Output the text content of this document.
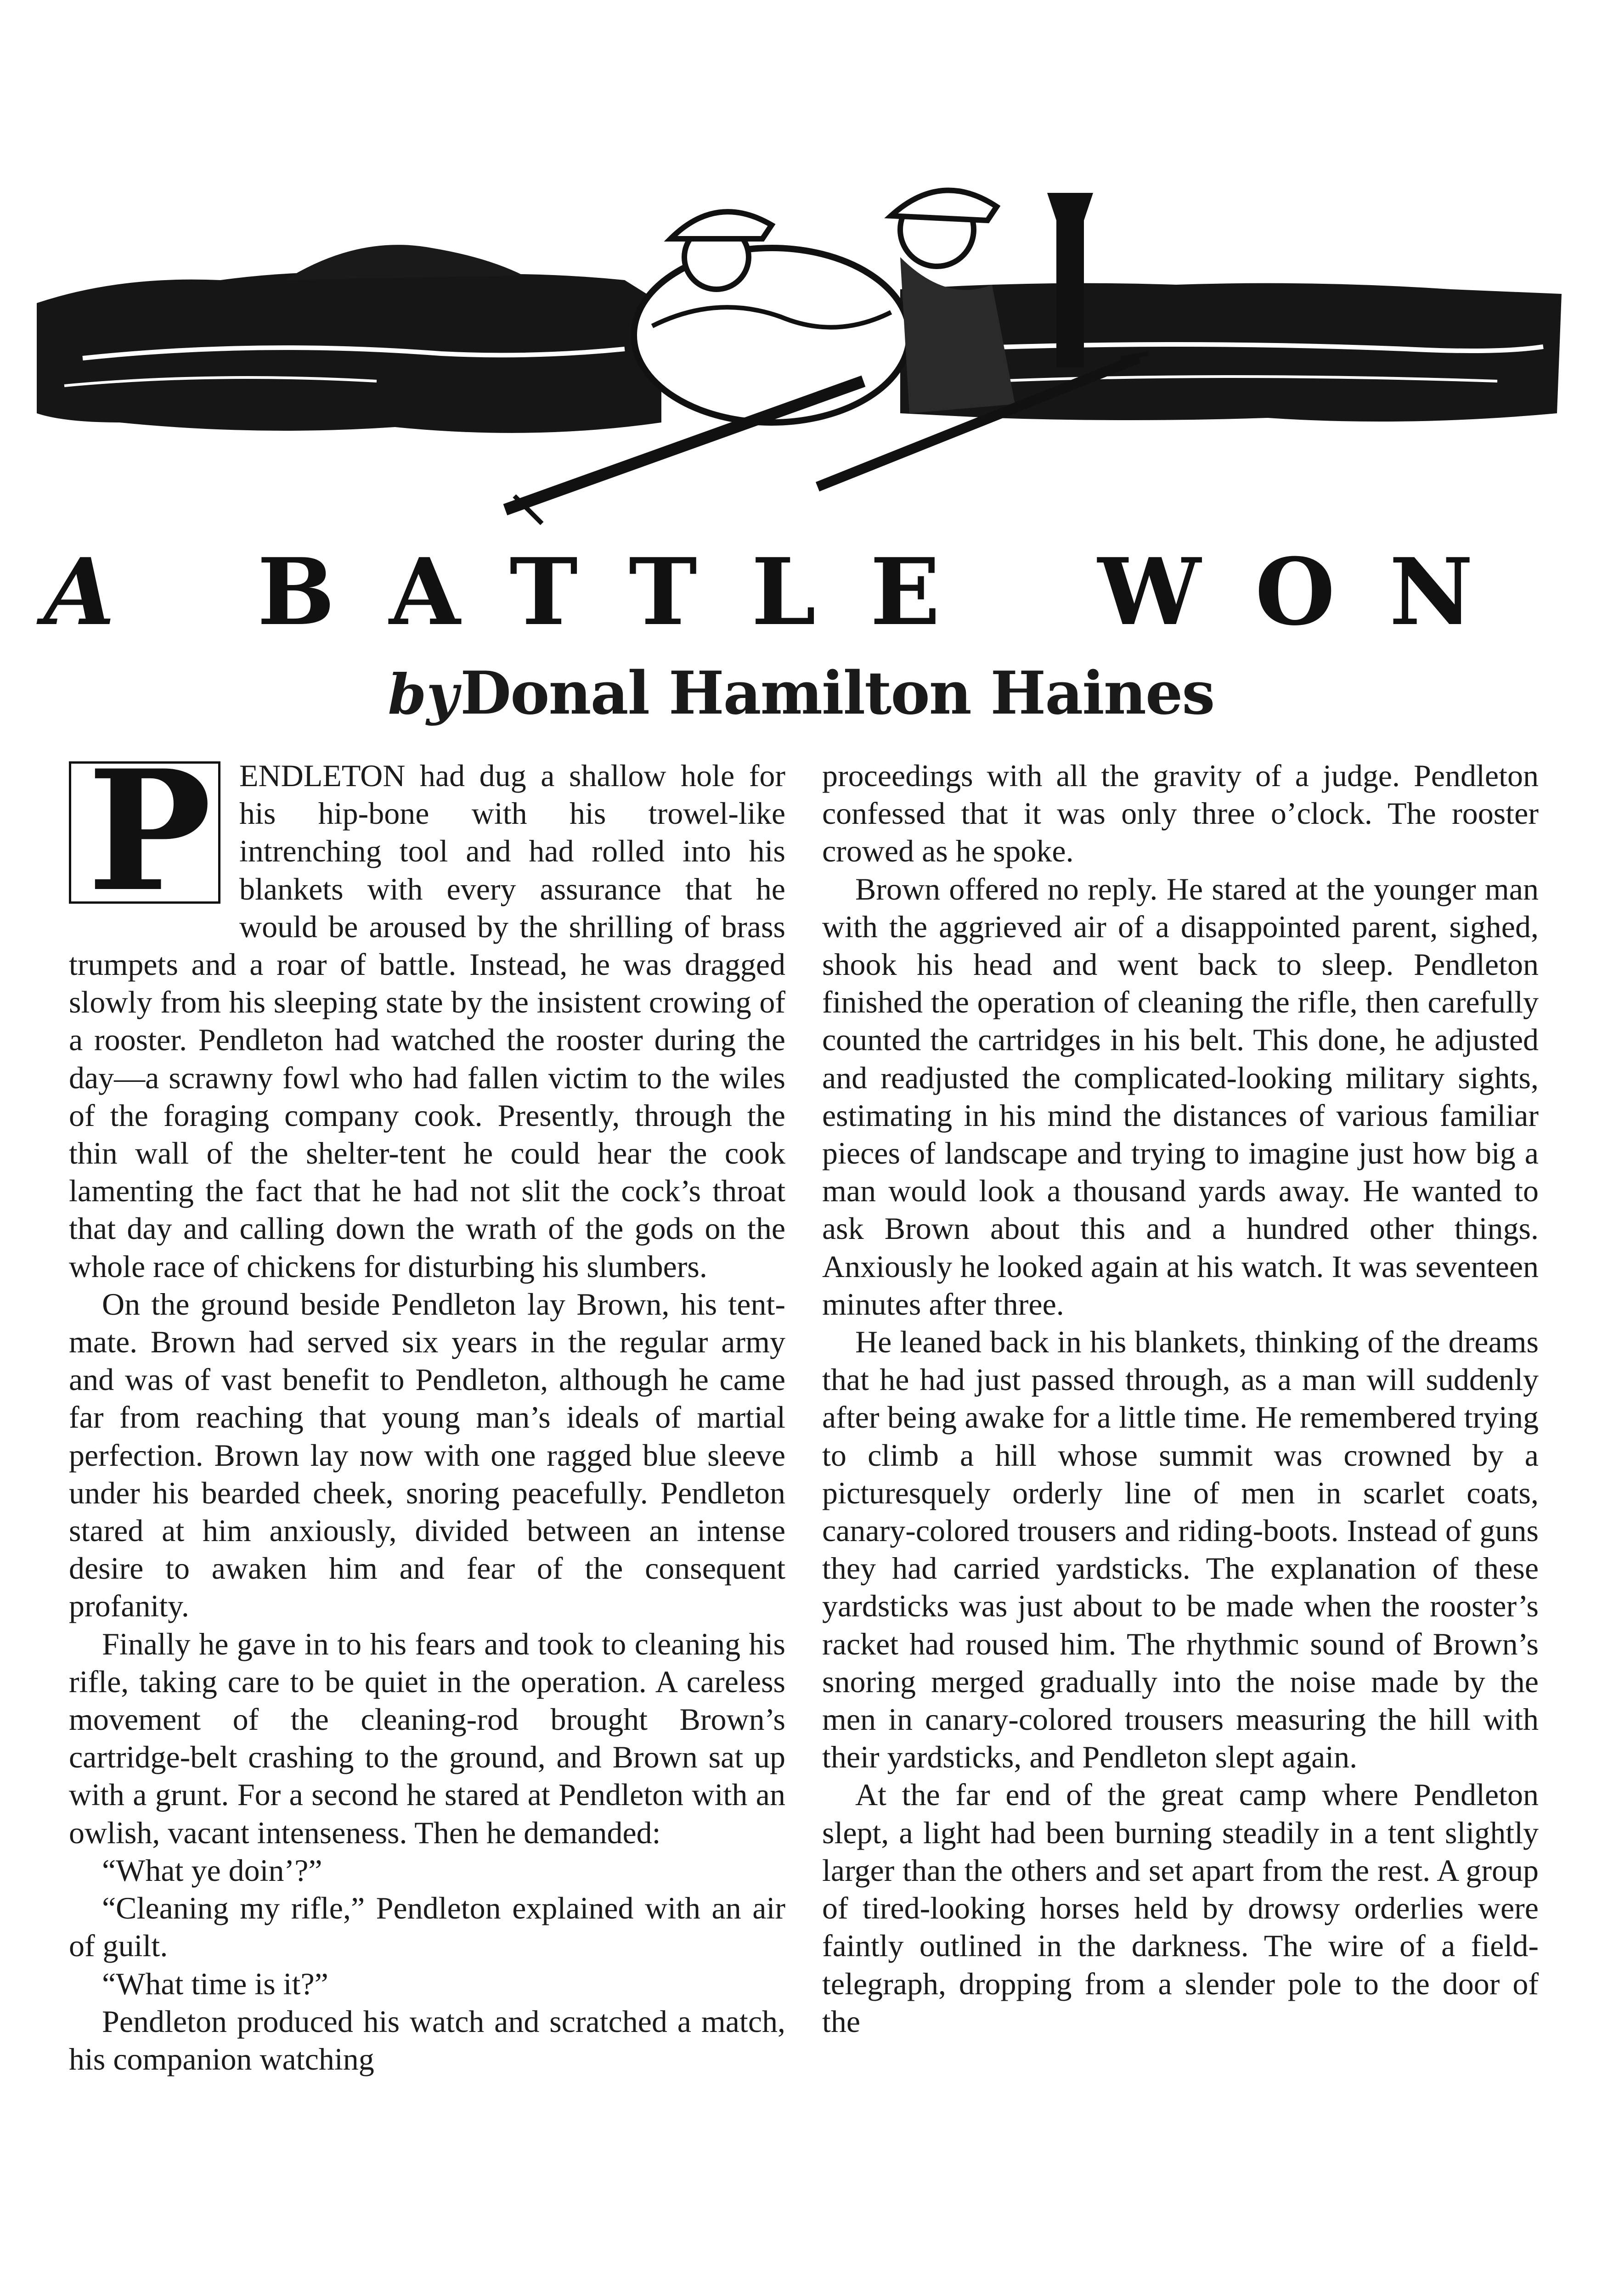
A BATTLE WON
by Donal Hamilton Haines
P ENDLETON had dug a shallow hole for his hip-bone with his trowel-like intrenching tool and had rolled into his blankets with every assurance that he would be aroused by the shrilling of brass trumpets and a roar of battle. Instead, he was dragged slowly from his sleeping state by the insistent crowing of a rooster. Pendleton had watched the rooster during the day—a scrawny fowl who had fallen victim to the wiles of the foraging company cook. Presently, through the thin wall of the shelter-tent he could hear the cook lamenting the fact that he had not slit the cock’s throat that day and calling down the wrath of the gods on the whole race of chickens for disturbing his slumbers.

On the ground beside Pendleton lay Brown, his tent-mate. Brown had served six years in the regular army and was of vast benefit to Pendleton, although he came far from reaching that young man’s ideals of martial perfection. Brown lay now with one ragged blue sleeve under his bearded cheek, snoring peacefully. Pendleton stared at him anxiously, divided between an intense desire to awaken him and fear of the consequent profanity.

Finally he gave in to his fears and took to cleaning his rifle, taking care to be quiet in the operation. A careless movement of the cleaning-rod brought Brown’s cartridge-belt crashing to the ground, and Brown sat up with a grunt. For a second he stared at Pendleton with an owlish, vacant intenseness. Then he demanded:

“What ye doin’?”

“Cleaning my rifle,” Pendleton explained with an air of guilt.

“What time is it?”

Pendleton produced his watch and scratched a match, his companion watching

proceedings with all the gravity of a judge. Pendleton confessed that it was only three o’clock. The rooster crowed as he spoke.

Brown offered no reply. He stared at the younger man with the aggrieved air of a disappointed parent, sighed, shook his head and went back to sleep. Pendleton finished the operation of cleaning the rifle, then carefully counted the cartridges in his belt. This done, he adjusted and readjusted the complicated-looking military sights, estimating in his mind the distances of various familiar pieces of landscape and trying to imagine just how big a man would look a thousand yards away. He wanted to ask Brown about this and a hundred other things. Anxiously he looked again at his watch. It was seventeen minutes after three.

He leaned back in his blankets, thinking of the dreams that he had just passed through, as a man will suddenly after being awake for a little time. He remembered trying to climb a hill whose summit was crowned by a picturesquely orderly line of men in scarlet coats, canary-colored trousers and riding-boots. Instead of guns they had carried yardsticks. The explanation of these yardsticks was just about to be made when the rooster’s racket had roused him. The rhythmic sound of Brown’s snoring merged gradually into the noise made by the men in canary-colored trousers measuring the hill with their yardsticks, and Pendleton slept again.

At the far end of the great camp where Pendleton slept, a light had been burning steadily in a tent slightly larger than the others and set apart from the rest. A group of tired-looking horses held by drowsy orderlies were faintly outlined in the darkness. The wire of a field-telegraph, dropping from a slender pole to the door of the
